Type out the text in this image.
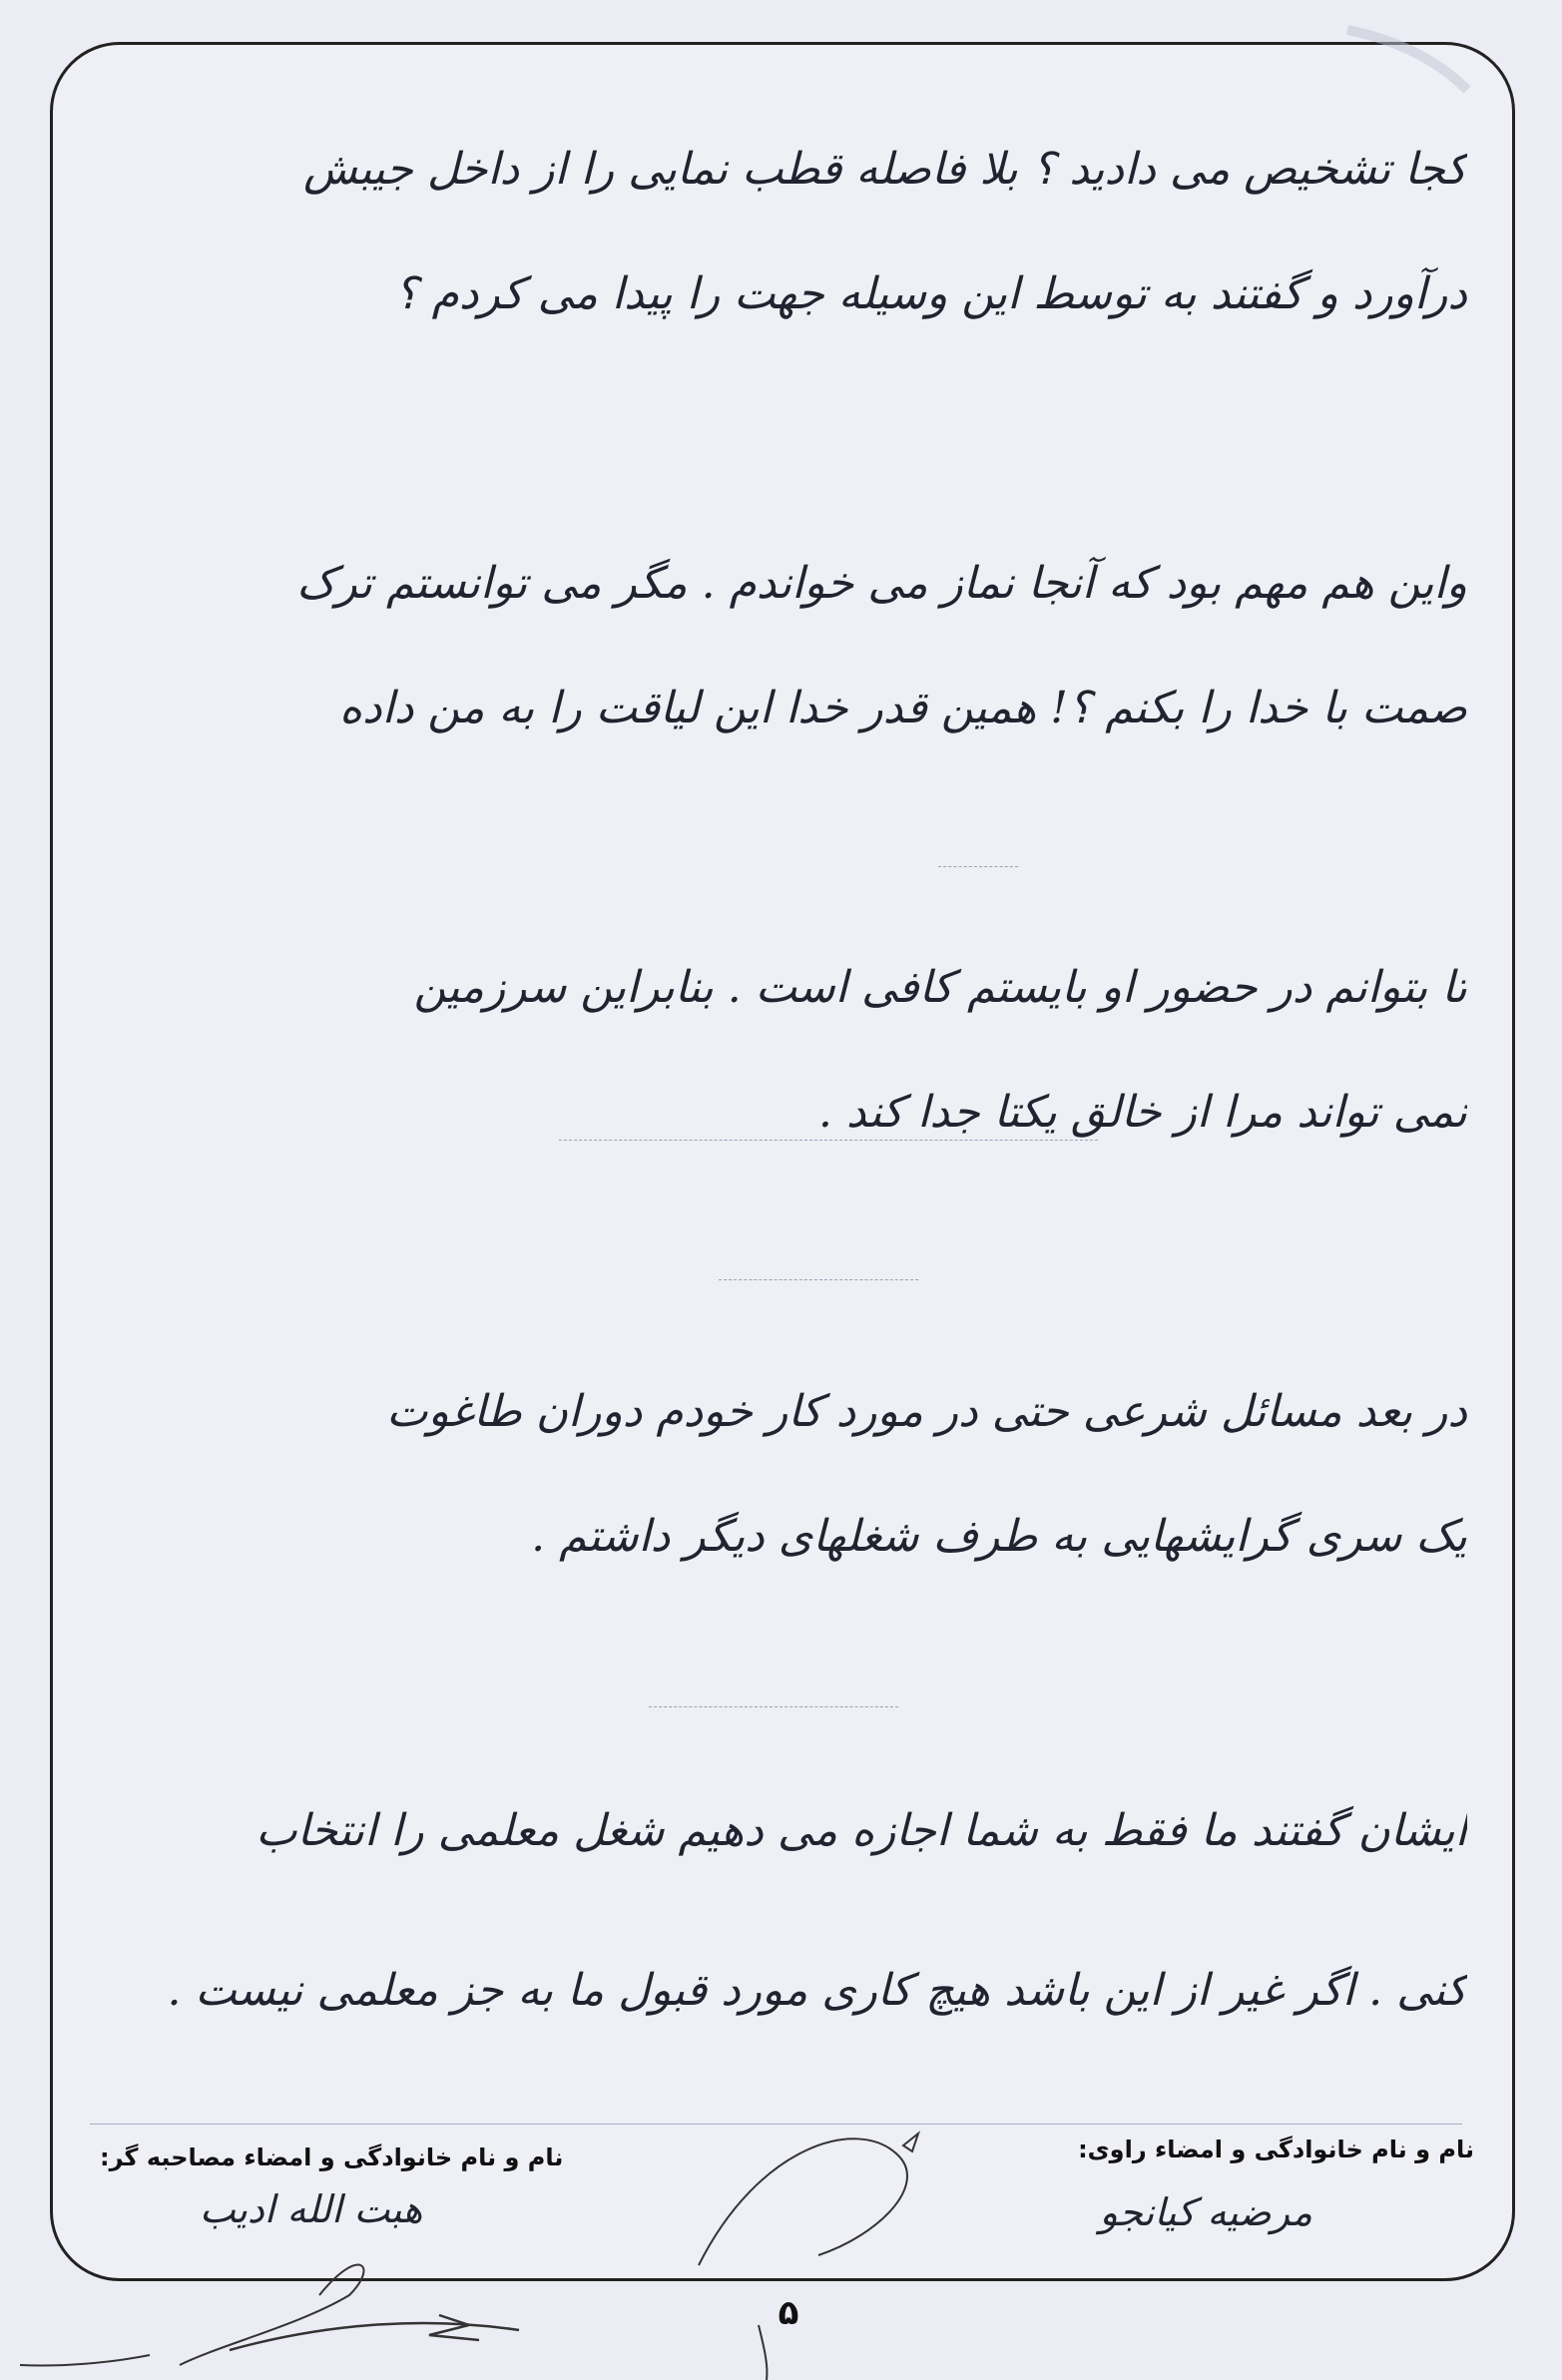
کجا تشخیص می دادید ؟ بلا فاصله قطب نمایی را از داخل جیبش
درآورد و گفتند به توسط این وسیله جهت را پیدا می کردم ؟
واین هم مهم بود که آنجا نماز می خواندم . مگر می توانستم ترک
صمت با خدا را بکنم ؟! همین قدر خدا این لیاقت را به من داده
تا بتوانم در حضور او بایستم کافی است . بنابراین سرزمین
نمی تواند مرا از خالق یکتا جدا کند .
در بعد مسائل شرعی حتی در مورد کار خودم دوران طاغوت
یک سری گرایشهایی به طرف شغلهای دیگر داشتم .
ایشان گفتند ما فقط به شما اجازه می دهیم شغل معلمی را انتخاب
کنی . اگر غیر از این باشد هیچ کاری مورد قبول ما به جز معلمی نیست .
نام و نام خانوادگی و امضاء راوی:
مرضیه کیانجو
نام و نام خانوادگی و امضاء مصاحبه گر:
هبت الله ادیب
۵
